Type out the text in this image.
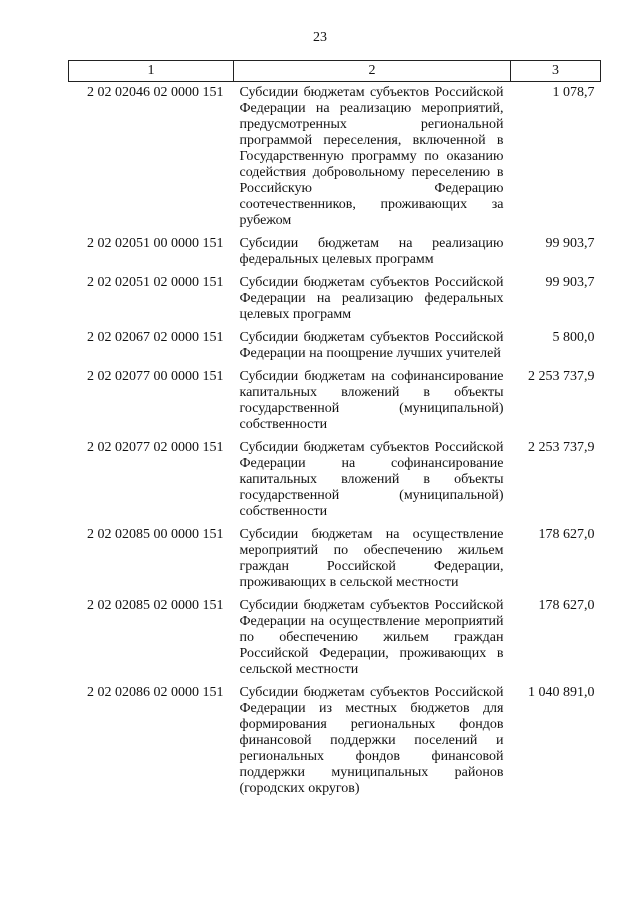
23
1	2	3
2 02 02046 02 0000 151	Субсидии бюджетам субъектов Российской Федерации на реализацию мероприятий, предусмотренных региональной программой переселения, включенной в Государственную программу по оказанию содействия добровольному переселению в Российскую Федерацию соотечественников, проживающих за рубежом	1 078,7
2 02 02051 00 0000 151	Субсидии бюджетам на реализацию федеральных целевых программ	99 903,7
2 02 02051 02 0000 151	Субсидии бюджетам субъектов Российской Федерации на реализацию федеральных целевых программ	99 903,7
2 02 02067 02 0000 151	Субсидии бюджетам субъектов Российской Федерации на поощрение лучших учителей	5 800,0
2 02 02077 00 0000 151	Субсидии бюджетам на софинансирование капитальных вложений в объекты государственной (муниципальной) собственности	2 253 737,9
2 02 02077 02 0000 151	Субсидии бюджетам субъектов Российской Федерации на софинансирование капитальных вложений в объекты государственной (муниципальной) собственности	2 253 737,9
2 02 02085 00 0000 151	Субсидии бюджетам на осуществление мероприятий по обеспечению жильем граждан Российской Федерации, проживающих в сельской местности	178 627,0
2 02 02085 02 0000 151	Субсидии бюджетам субъектов Российской Федерации на осуществление мероприятий по обеспечению жильем граждан Российской Федерации, проживающих в сельской местности	178 627,0
2 02 02086 02 0000 151	Субсидии бюджетам субъектов Российской Федерации из местных бюджетов для формирования региональных фондов финансовой поддержки поселений и региональных фондов финансовой поддержки муниципальных районов (городских округов)	1 040 891,0
